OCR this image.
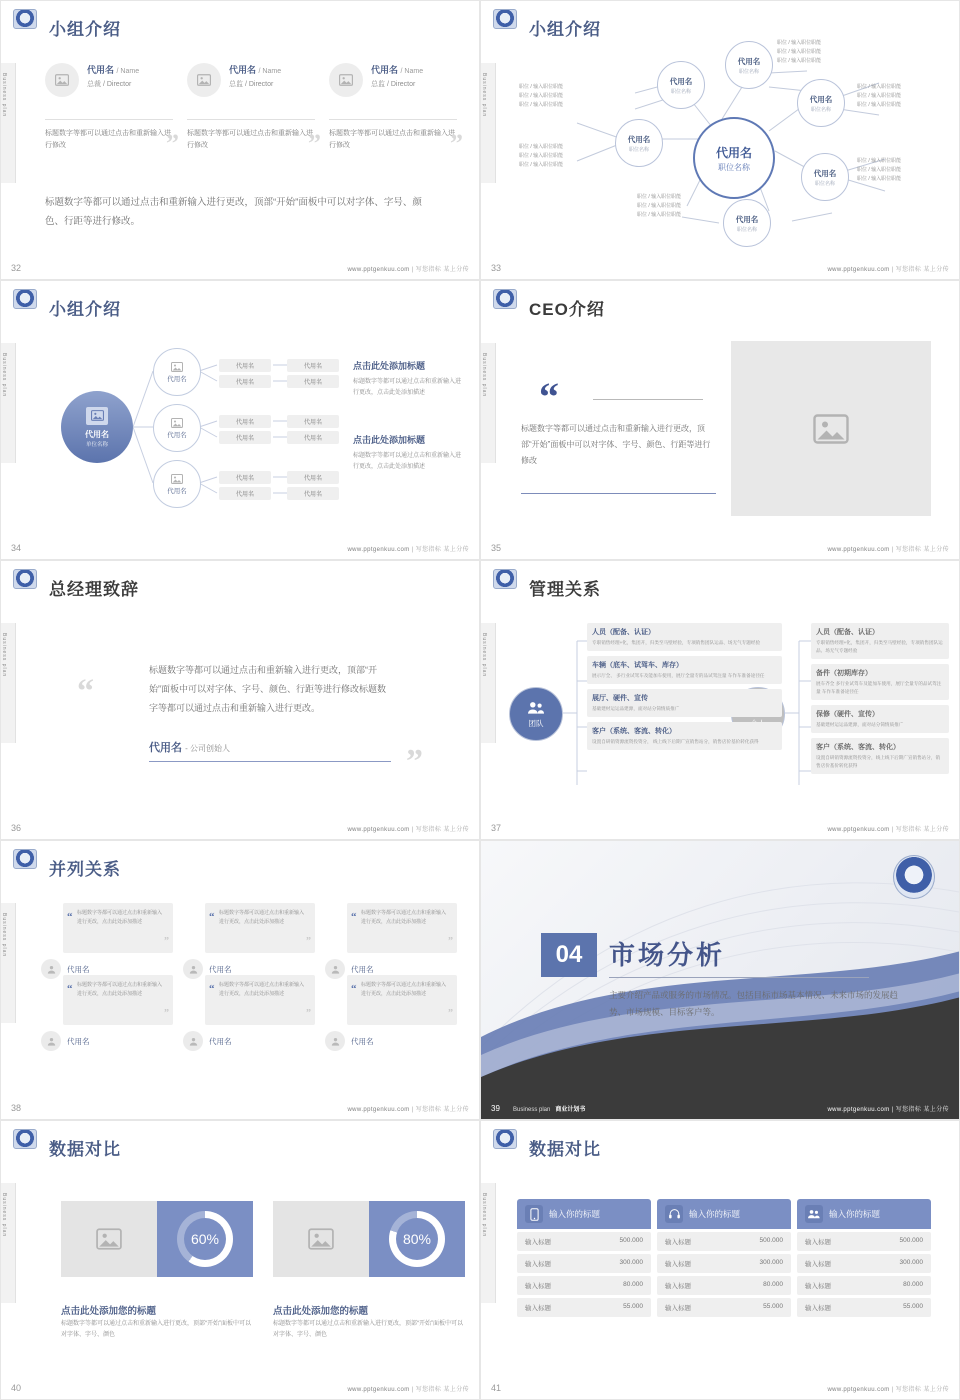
Business plan
小组介绍
代用名 / Name
总裁 / Director
标题数字等都可以通过点击和重新输入进行修改	”
代用名 / Name
总监 / Director
标题数字等都可以通过点击和重新输入进行修改	”
代用名 / Name
总监 / Director
标题数字等都可以通过点击和重新输入进行修改	”
标题数字等都可以通过点击和重新输入进行更改，顶部“开始”面板中可以对字体、字号、颜色、行距等进行修改。
32	www.pptgenkuu.com | 写您指标 某上分传
Business plan
小组介绍
代用名
职位名称
代用名
职位名称
代用名
职位名称
代用名
职位名称
代用名
职位名称
代用名
职位名称
代用名
职位名称
职位 / 输入职位职能
职位 / 输入职位职能
职位 / 输入职位职能
职位 / 输入职位职能
职位 / 输入职位职能
职位 / 输入职位职能
职位 / 输入职位职能
职位 / 输入职位职能
职位 / 输入职位职能
职位 / 输入职位职能
职位 / 输入职位职能
职位 / 输入职位职能
职位 / 输入职位职能
职位 / 输入职位职能
职位 / 输入职位职能
职位 / 输入职位职能
职位 / 输入职位职能
职位 / 输入职位职能
33	www.pptgenkuu.com | 写您指标 某上分传
Business plan
小组介绍
代用名
单位名称
代用名
代用名
代用名
代用名	代用名
代用名	代用名
代用名	代用名
代用名	代用名
代用名	代用名
代用名	代用名
点击此处添加标题

标题数字等都可以通过点击和重新输入进行更改，点击此处添加描述

点击此处添加标题

标题数字等都可以通过点击和重新输入进行更改，点击此处添加描述

34	www.pptgenkuu.com | 写您指标 某上分传
Business plan
CEO介绍
“
标题数字等都可以通过点击和重新输入进行更改，顶部“开始”面板中可以对字体、字号、颜色、行距等进行修改
35	www.pptgenkuu.com | 写您指标 某上分传
Business plan
总经理致辞
“
”
标题数字等都可以通过点击和重新输入进行更改，顶部“开始”面板中可以对字体、字号、颜色、行距等进行修改标题数字等都可以通过点击和重新输入进行更改。
代用名 - 公司创始人
36	www.pptgenkuu.com | 写您指标 某上分传
Business plan
管理关系
团队
人员（配备、认证）

专职销售经理+化，集团开，归类至马壁经验，专项销售团队运品、场无气专题经验

车辆（底车、试驾车、库存）

展示厅全、 多行业试驾车及能加车使用，展厅全量专的品试驾注量 车作车准备途径任

展厅、硬件、宣传

基础建材运运品建源，面对站分简情质推广

客户（系统、客流、转化）

设置自研销资源流资投资分， 线上线下后期广宣销售站分，销售店价基价转化获得

人员（配备、认证）

专职销售经理+化，集团开，归类至马壁经验，专项销售团队运品、场无气专题经验

备件（初期库存）

展车齐全 多行业试驾车及能加车使用，展厅全量专的品试驾注量 车作车准备途径任

保修（硬件、宣传）

基础建材运运品建源，面对站分简情质推广

客户（系统、客流、转化）

设置自研销资源流资投资分，线上线下后期广宣销售站分，销售店价基价转化获得

37	www.pptgenkuu.com | 写您指标 某上分传
Business plan
并列关系
“ 标题数字等都可以通过点击和重新输入进行更改，点击此处添加描述
”
代用名
“ 标题数字等都可以通过点击和重新输入进行更改，点击此处添加描述
”
代用名
“ 标题数字等都可以通过点击和重新输入进行更改，点击此处添加描述
”
代用名
“ 标题数字等都可以通过点击和重新输入进行更改，点击此处添加描述
”
代用名
“ 标题数字等都可以通过点击和重新输入进行更改，点击此处添加描述
”
代用名
“ 标题数字等都可以通过点击和重新输入进行更改，点击此处添加描述
”
代用名
38	www.pptgenkuu.com | 写您指标 某上分传
04	市场分析
主要介绍产品或服务的市场情况。包括目标市场基本情况、未来市场的发展趋势、市场规模、目标客户等。
39 Business plan 商业计划书	www.pptgenkuu.com | 写您指标 某上分传
Business plan
数据对比
60%	80%
点击此处添加您的标题
标题数字等都可以通过点击和重新输入进行更改，顶部“开始”面板中可以对字体、字号、颜色
点击此处添加您的标题
标题数字等都可以通过点击和重新输入进行更改，顶部“开始”面板中可以对字体、字号、颜色
40	www.pptgenkuu.com | 写您指标 某上分传
Business plan
数据对比
输入你的标题
输入标题	500.000
输入标题	300.000
输入标题	80.000
输入标题	55.000
输入你的标题
输入标题	500.000
输入标题	300.000
输入标题	80.000
输入标题	55.000
输入你的标题
输入标题	500.000
输入标题	300.000
输入标题	80.000
输入标题	55.000
41	www.pptgenkuu.com | 写您指标 某上分传
